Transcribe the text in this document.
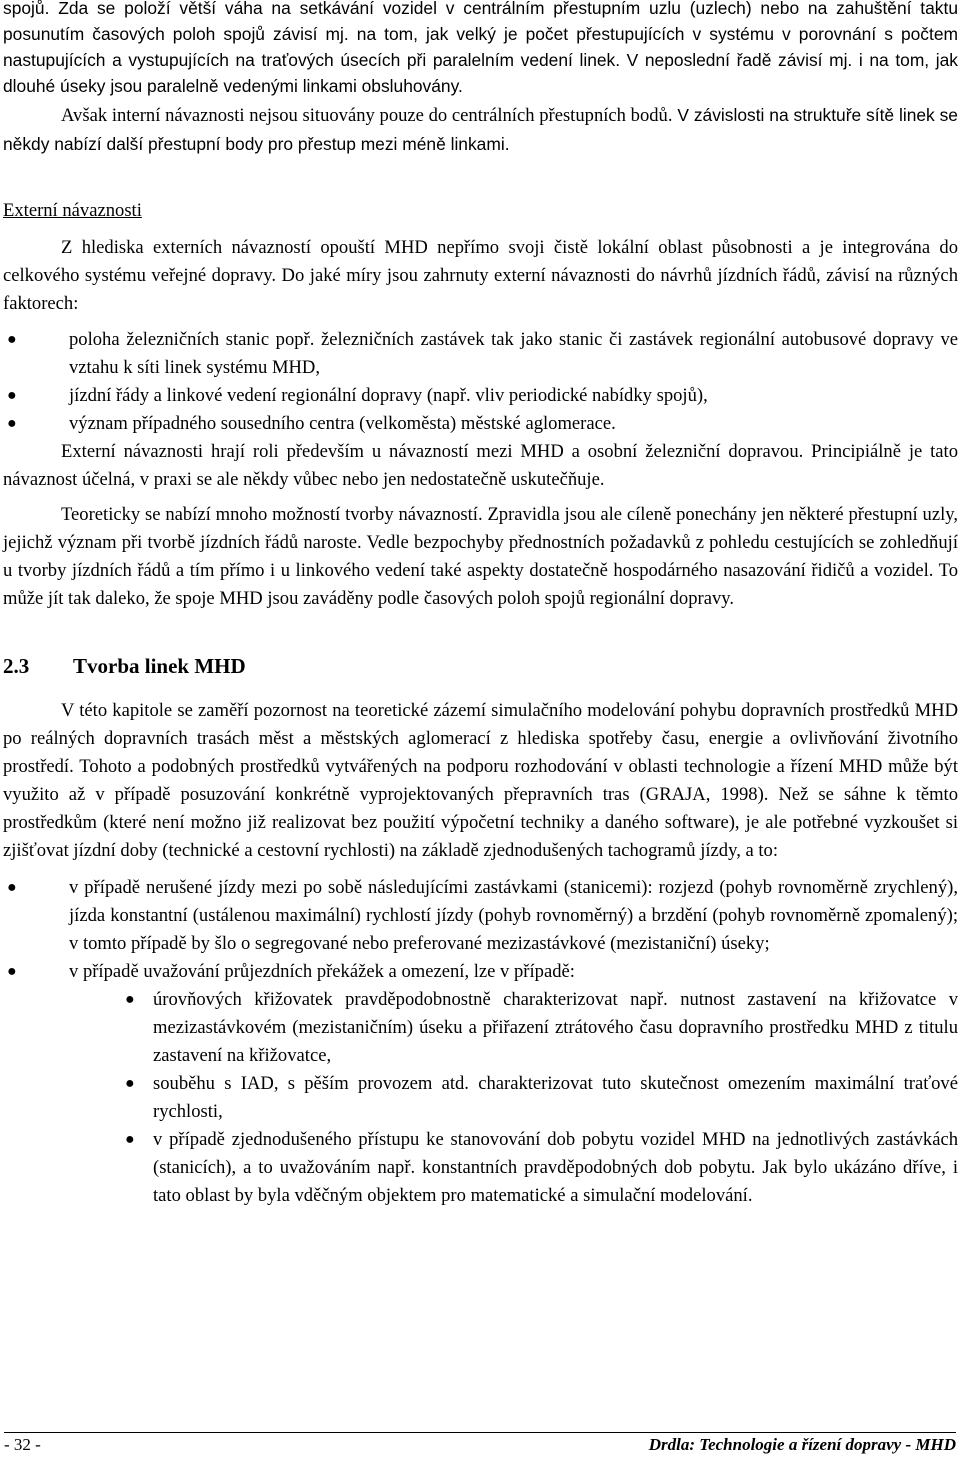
spojů. Zda se položí větší váha na setkávání vozidel v centrálním přestupním uzlu (uzlech) nebo na zahuštění taktu posunutím časových poloh spojů závisí mj. na tom, jak velký je počet přestupujících v systému v porovnání s počtem nastupujících a vystupujících na traťových úsecích při paralelním vedení linek. V neposlední řadě závisí mj. i na tom, jak dlouhé úseky jsou paralelně vedenými linkami obsluhovány.

Avšak interní návaznosti nejsou situovány pouze do centrálních přestupních bodů. V závislosti na struktuře sítě linek se někdy nabízí další přestupní body pro přestup mezi méně linkami.

Externí návaznosti

Z hlediska externích návazností opouští MHD nepřímo svoji čistě lokální oblast působnosti a je integrována do celkového systému veřejné dopravy. Do jaké míry jsou zahrnuty externí návaznosti do návrhů jízdních řádů, závisí na různých faktorech:

●	poloha železničních stanic popř. železničních zastávek tak jako stanic či zastávek regionální autobusové dopravy ve vztahu k síti linek systému MHD,
●	jízdní řády a linkové vedení regionální dopravy (např. vliv periodické nabídky spojů),
●	význam případného sousedního centra (velkoměsta) městské aglomerace.

Externí návaznosti hrají roli především u návazností mezi MHD a osobní železniční dopravou. Principiálně je tato návaznost účelná, v praxi se ale někdy vůbec nebo jen nedostatečně uskutečňuje.

Teoreticky se nabízí mnoho možností tvorby návazností. Zpravidla jsou ale cíleně ponechány jen některé přestupní uzly, jejichž význam při tvorbě jízdních řádů naroste. Vedle bezpochyby přednostních požadavků z pohledu cestujících se zohledňují u tvorby jízdních řádů a tím přímo i u linkového vedení také aspekty dostatečně hospodárného nasazování řidičů a vozidel. To může jít tak daleko, že spoje MHD jsou zaváděny podle časových poloh spojů regionální dopravy.

2.3 Tvorba linek MHD

V této kapitole se zaměří pozornost na teoretické zázemí simulačního modelování pohybu dopravních prostředků MHD po reálných dopravních trasách měst a městských aglomerací z hlediska spotřeby času, energie a ovlivňování životního prostředí. Tohoto a podobných prostředků vytvářených na podporu rozhodování v oblasti technologie a řízení MHD může být využito až v případě posuzování konkrétně vyprojektovaných přepravních tras (GRAJA, 1998). Než se sáhne k těmto prostředkům (které není možno již realizovat bez použití výpočetní techniky a daného software), je ale potřebné vyzkoušet si zjišťovat jízdní doby (technické a cestovní rychlosti) na základě zjednodušených tachogramů jízdy, a to:

●	v případě nerušené jízdy mezi po sobě následujícími zastávkami (stanicemi): rozjezd (pohyb rovnoměrně zrychlený), jízda konstantní (ustálenou maximální) rychlostí jízdy (pohyb rovnoměrný) a brzdění (pohyb rovnoměrně zpomalený); v tomto případě by šlo o segregované nebo preferované mezizastávkové (mezistaniční) úseky;
●	v případě uvažování průjezdních překážek a omezení, lze v případě:
● úrovňových křižovatek pravděpodobnostně charakterizovat např. nutnost zastavení na křižovatce v mezizastávkovém (mezistaničním) úseku a přiřazení ztrátového času dopravního prostředku MHD z titulu zastavení na křižovatce,
● souběhu s IAD, s pěším provozem atd. charakterizovat tuto skutečnost omezením maximální traťové rychlosti,
● v případě zjednodušeného přístupu ke stanovování dob pobytu vozidel MHD na jednotlivých zastávkách (stanicích), a to uvažováním např. konstantních pravděpodobných dob pobytu. Jak bylo ukázáno dříve, i tato oblast by byla vděčným objektem pro matematické a simulační modelování.
- 32 -	Drdla: Technologie a řízení dopravy - MHD
